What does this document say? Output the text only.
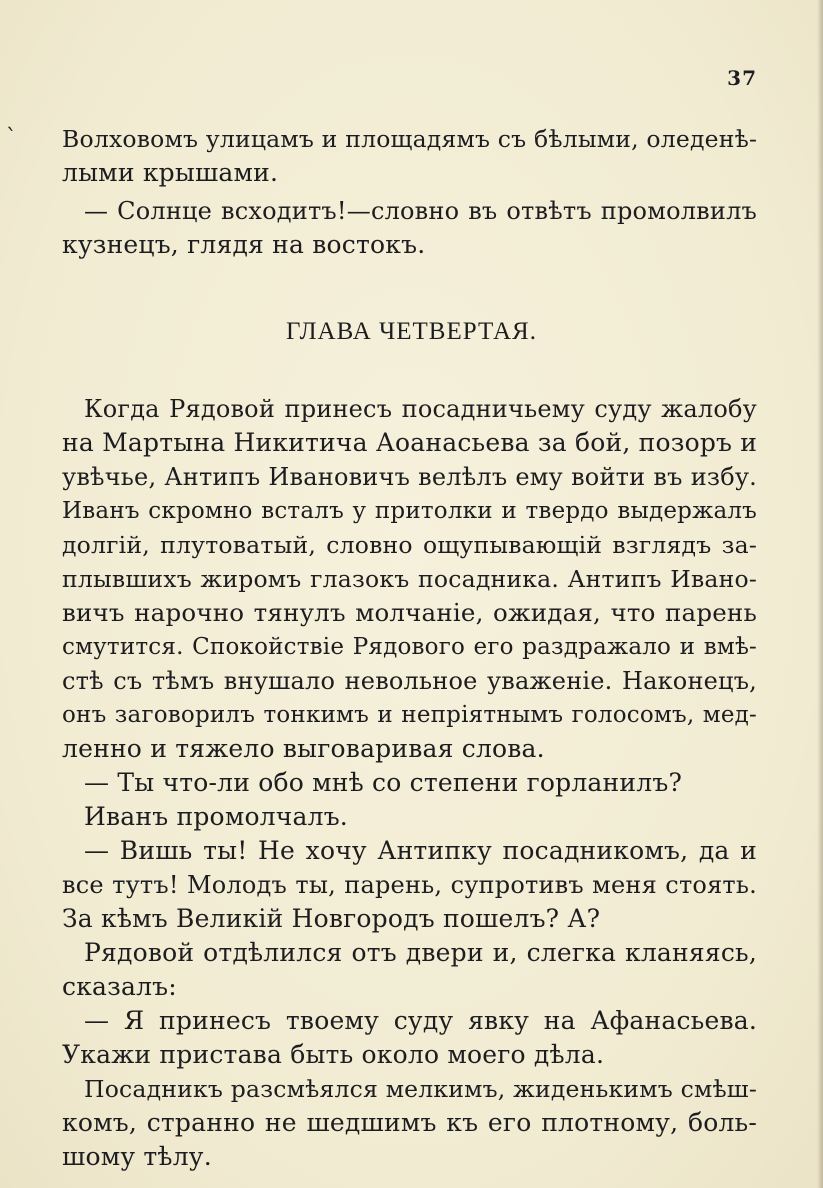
37
ˋ Волховомъ улицамъ и площадямъ съ бѣлыми, оледенѣ-
лыми крышами.
— Солнце всходитъ!—словно въ отвѣтъ промолвилъ
кузнецъ, глядя на востокъ.
ГЛАВА ЧЕТВЕРТАЯ.
Когда Рядовой принесъ посадничьему суду жалобу
на Мартына Никитича Аоанасьева за бой, позоръ и
увѣчье, Антипъ Ивановичъ велѣлъ ему войти въ избу.
Иванъ скромно всталъ у притолки и твердо выдержалъ
долгій, плутоватый, словно ощупывающій взглядъ за-
плывшихъ жиромъ глазокъ посадника. Антипъ Ивано-
вичъ нарочно тянулъ молчаніе, ожидая, что парень
смутится. Спокойствіе Рядового его раздражало и вмѣ-
стѣ съ тѣмъ внушало невольное уваженіе. Наконецъ,
онъ заговорилъ тонкимъ и непріятнымъ голосомъ, мед-
ленно и тяжело выговаривая слова.
— Ты что-ли обо мнѣ со степени горланилъ?
Иванъ промолчалъ.
— Вишь ты! Не хочу Антипку посадникомъ, да и
все тутъ! Молодъ ты, парень, супротивъ меня стоять.
За кѣмъ Великій Новгородъ пошелъ? А?
Рядовой отдѣлился отъ двери и, слегка кланяясь,
сказалъ:
— Я принесъ твоему суду явку на Афанасьева.
Укажи пристава быть около моего дѣла.
Посадникъ разсмѣялся мелкимъ, жиденькимъ смѣш-
комъ, странно не шедшимъ къ его плотному, боль-
шому тѣлу.
